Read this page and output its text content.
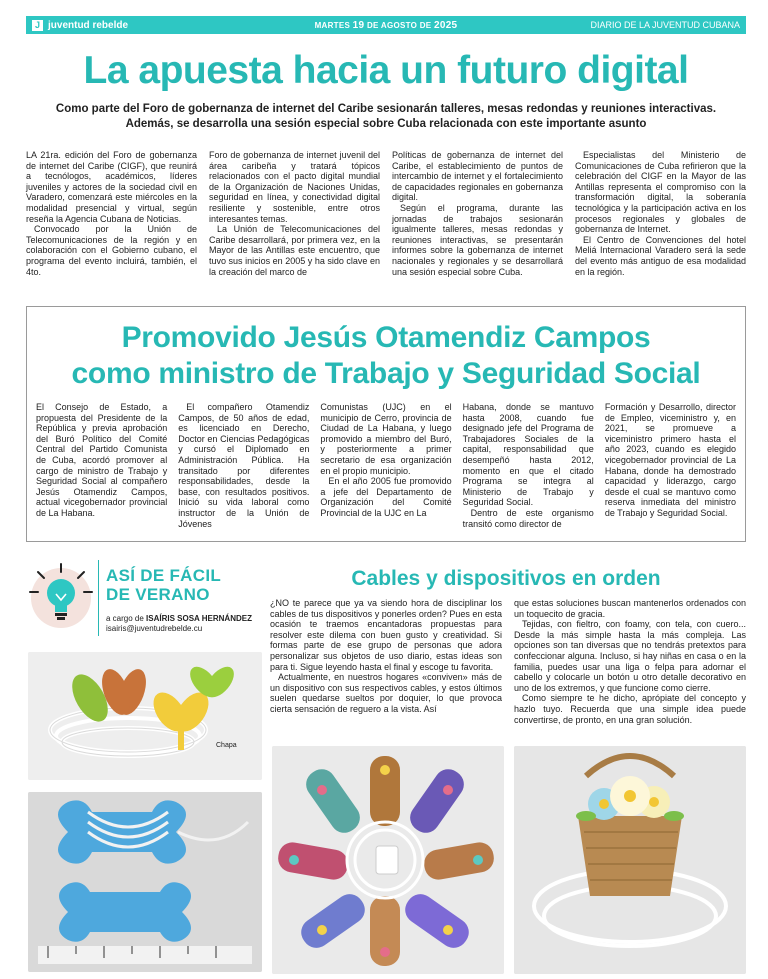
J juventud rebelde	MARTES 19 DE AGOSTO DE 2025	DIARIO DE LA JUVENTUD CUBANA
La apuesta hacia un futuro digital
Como parte del Foro de gobernanza de internet del Caribe sesionarán talleres, mesas redondas y reuniones interactivas.
Además, se desarrolla una sesión especial sobre Cuba relacionada con este importante asunto

LA 21ra. edición del Foro de gobernanza de internet del Caribe (CIGF), que reunirá a tecnólogos, académicos, líderes juveniles y actores de la sociedad civil en Varadero, comenzará este miércoles en la modalidad presencial y virtual, según reseña la Agencia Cubana de Noticias.

Convocado por la Unión de Telecomunicaciones de la región y en colaboración con el Gobierno cubano, el programa del evento incluirá, también, el 4to.

Foro de gobernanza de internet juvenil del área caribeña y tratará tópicos relacionados con el pacto digital mundial de la Organización de Naciones Unidas, seguridad en línea, y conectividad digital resiliente y sostenible, entre otros interesantes temas.

La Unión de Telecomunicaciones del Caribe desarrollará, por primera vez, en la Mayor de las Antillas este encuentro, que tuvo sus inicios en 2005 y ha sido clave en la creación del marco de

Políticas de gobernanza de internet del Caribe, el establecimiento de puntos de intercambio de internet y el fortalecimiento de capacidades regionales en gobernanza digital.

Según el programa, durante las jornadas de trabajos sesionarán igualmente talleres, mesas redondas y reuniones interactivas, se presentarán informes sobre la gobernanza de internet nacionales y regionales y se desarrollará una sesión especial sobre Cuba.

Especialistas del Ministerio de Comunicaciones de Cuba refirieron que la celebración del CIGF en la Mayor de las Antillas representa el compromiso con la transformación digital, la soberanía tecnológica y la participación activa en los procesos regionales y globales de gobernanza de Internet.

El Centro de Convenciones del hotel Meliá Internacional Varadero será la sede del evento más antiguo de esa modalidad en la región.

Promovido Jesús Otamendiz Campos
como ministro de Trabajo y Seguridad Social

El Consejo de Estado, a propuesta del Presidente de la República y previa aprobación del Buró Político del Comité Central del Partido Comunista de Cuba, acordó promover al cargo de ministro de Trabajo y Seguridad Social al compañero Jesús Otamendiz Campos, actual vicegobernador provincial de La Habana.

El compañero Otamendiz Campos, de 50 años de edad, es licenciado en Derecho, Doctor en Ciencias Pedagógicas y cursó el Diplomado en Administración Pública. Ha transitado por diferentes responsabilidades, desde la base, con resultados positivos. Inició su vida laboral como instructor de la Unión de Jóvenes

Comunistas (UJC) en el municipio de Cerro, provincia de Ciudad de La Habana, y luego promovido a miembro del Buró, y posteriormente a primer secretario de esa organización en el propio municipio.

En el año 2005 fue promovido a jefe del Departamento de Organización del Comité Provincial de la UJC en La

Habana, donde se mantuvo hasta 2008, cuando fue designado jefe del Programa de Trabajadores Sociales de la capital, responsabilidad que desempeñó hasta 2012, momento en que el citado Programa se integra al Ministerio de Trabajo y Seguridad Social.

Dentro de este organismo transitó como director de

Formación y Desarrollo, director de Empleo, viceministro y, en 2021, se promueve a viceministro primero hasta el año 2023, cuando es elegido vicegobernador provincial de La Habana, donde ha demostrado capacidad y liderazgo, cargo desde el cual se mantuvo como reserva inmediata del ministro de Trabajo y Seguridad Social.

ASÍ DE FÁCIL
DE VERANO
a cargo de ISAÍRIS SOSA HERNÁNDEZ
isairis@juventudrebelde.cu
Cables y dispositivos en orden

¿NO te parece que ya va siendo hora de disciplinar los cables de tus dispositivos y ponerles orden? Pues en esta ocasión te traemos encantadoras propuestas para resolver este dilema con buen gusto y creatividad. Si formas parte de ese grupo de personas que adora personalizar sus objetos de uso diario, estas ideas son para ti. Sigue leyendo hasta el final y escoge tu favorita.

Actualmente, en nuestros hogares «conviven» más de un dispositivo con sus respectivos cables, y estos últimos suelen quedarse sueltos por doquier, lo que provoca cierta sensación de reguero a la vista. Así

que estas soluciones buscan mantenerlos ordenados con un toquecito de gracia.

Tejidas, con fieltro, con foamy, con tela, con cuero... Desde la más simple hasta la más compleja. Las opciones son tan diversas que no tendrás pretextos para confeccionar alguna. Incluso, si hay niñas en casa o en la familia, puedes usar una liga o felpa para adornar el cabello y colocarle un botón u otro detalle decorativo en uno de los extremos, y que funcione como cierre.

Como siempre te he dicho, aprópiate del concepto y hazlo tuyo. Recuerda que una simple idea puede convertirse, de pronto, en una gran solución.

Chapa
